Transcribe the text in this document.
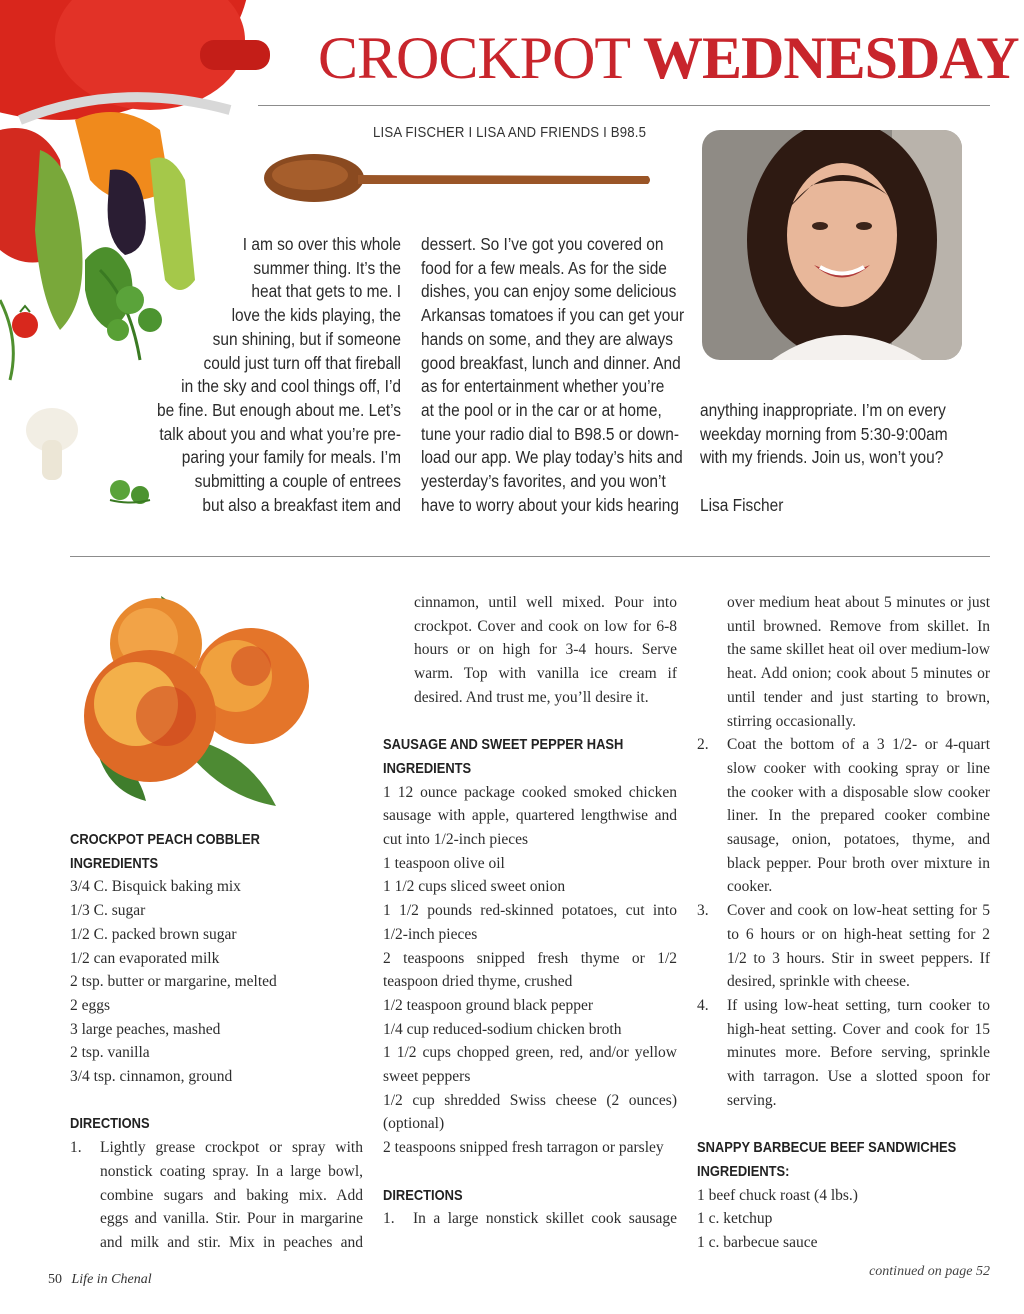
CROCKPOT WEDNESDAY
LISA FISCHER I LISA AND FRIENDS I B98.5
I am so over this whole
summer thing. It’s the
heat that gets to me. I
love the kids playing, the
sun shining, but if someone
could just turn off that fireball
in the sky and cool things off, I’d
be fine. But enough about me. Let’s
talk about you and what you’re pre-
paring your family for meals. I’m
submitting a couple of entrees
but also a breakfast item and
dessert. So I’ve got you covered on
food for a few meals. As for the side
dishes, you can enjoy some delicious
Arkansas tomatoes if you can get your
hands on some, and they are always
good breakfast, lunch and dinner. And
as for entertainment whether you’re
at the pool or in the car or at home,
tune your radio dial to B98.5 or down-
load our app. We play today’s hits and
yesterday’s favorites, and you won’t
have to worry about your kids hearing
anything inappropriate. I’m on every
weekday morning from 5:30-9:00am
with my friends. Join us, won’t you?
Lisa Fischer
CROCKPOT PEACH COBBLER
INGREDIENTS
3/4 C. Bisquick baking mix
1/3 C. sugar
1/2 C. packed brown sugar
1/2 can evaporated milk
2 tsp. butter or margarine, melted
2 eggs
3 large peaches, mashed
2 tsp. vanilla
3/4 tsp. cinnamon, ground
DIRECTIONS
1.	Lightly grease crockpot or spray with nonstick coating spray. In a large bowl, combine sugars and baking mix. Add eggs and vanilla. Stir. Pour in margarine and milk and stir. Mix in peaches and
cinnamon, until well mixed. Pour into crockpot. Cover and cook on low for 6-8 hours or on high for 3-4 hours. Serve warm. Top with vanilla ice cream if desired. And trust me, you’ll desire it.
SAUSAGE AND SWEET PEPPER HASH
INGREDIENTS
1 12 ounce package cooked smoked chicken sausage with apple, quartered lengthwise and cut into 1/2-inch pieces
1 teaspoon olive oil
1 1/2 cups sliced sweet onion
1 1/2 pounds red-skinned potatoes, cut into 1/2-inch pieces
2 teaspoons snipped fresh thyme or 1/2 teaspoon dried thyme, crushed
1/2 teaspoon ground black pepper
1/4 cup reduced-sodium chicken broth
1 1/2 cups chopped green, red, and/or yellow sweet peppers
1/2 cup shredded Swiss cheese (2 ounces) (optional)
2 teaspoons snipped fresh tarragon or parsley
DIRECTIONS
1.	In a large nonstick skillet cook sausage
over medium heat about 5 minutes or just until browned. Remove from skillet. In the same skillet heat oil over medium-low heat. Add onion; cook about 5 minutes or until tender and just starting to brown, stirring occasionally.
2.	Coat the bottom of a 3 1/2- or 4-quart slow cooker with cooking spray or line the cooker with a disposable slow cooker liner. In the prepared cooker combine sausage, onion, potatoes, thyme, and black pepper. Pour broth over mixture in cooker.
3.	Cover and cook on low-heat setting for 5 to 6 hours or on high-heat setting for 2 1/2 to 3 hours. Stir in sweet peppers. If desired, sprinkle with cheese.
4.	If using low-heat setting, turn cooker to high-heat setting. Cover and cook for 15 minutes more. Before serving, sprinkle with tarragon. Use a slotted spoon for serving.
SNAPPY BARBECUE BEEF SANDWICHES
INGREDIENTS:
1 beef chuck roast (4 lbs.)
1 c. ketchup
1 c. barbecue sauce
50 Life in Chenal
continued on page 52
